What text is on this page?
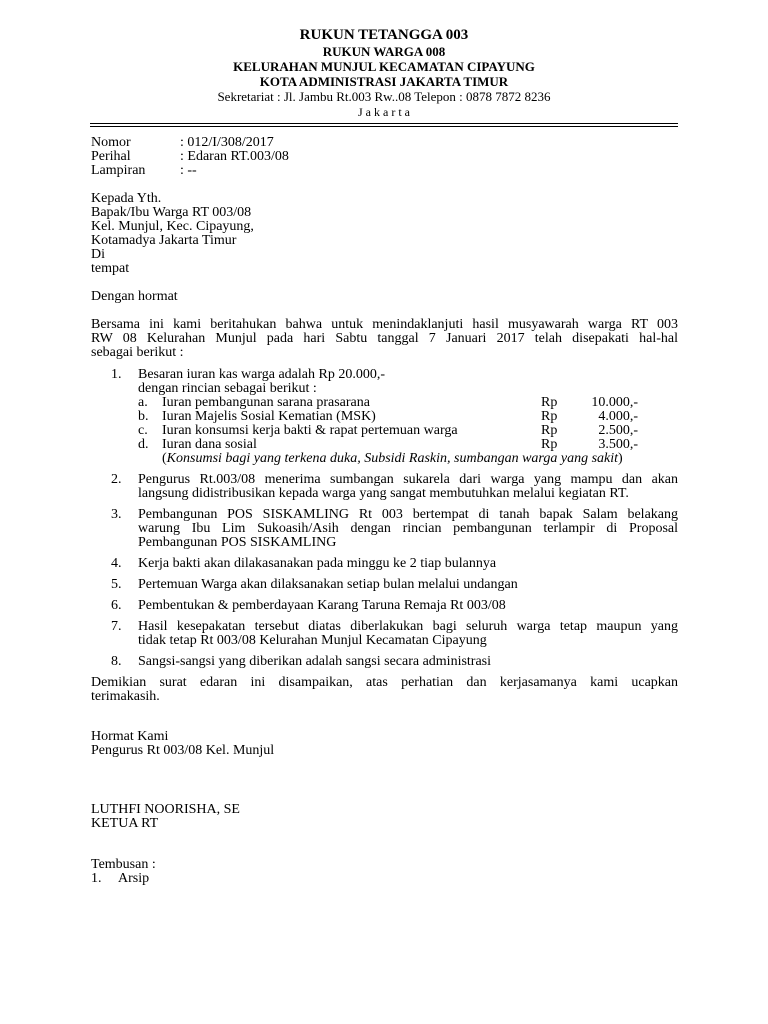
RUKUN TETANGGA 003
RUKUN WARGA 008
KELURAHAN MUNJUL KECAMATAN CIPAYUNG
KOTA ADMINISTRASI JAKARTA TIMUR
Sekretariat : Jl. Jambu Rt.003 Rw..08 Telepon : 0878 7872 8236
J a k a r t a
Nomor	: 012/I/308/2017
Perihal	: Edaran RT.003/08
Lampiran : --
Kepada Yth.
Bapak/Ibu Warga RT 003/08
Kel. Munjul, Kec. Cipayung,
Kotamadya Jakarta Timur
Di
tempat
Dengan hormat
Bersama ini kami beritahukan bahwa untuk menindaklanjuti hasil musyawarah warga RT 003
RW 08 Kelurahan Munjul pada hari Sabtu tanggal 7 Januari 2017 telah disepakati hal-hal
sebagai berikut :
1. Besaran iuran kas warga adalah Rp 20.000,-
dengan rincian sebagai berikut :
a. Iuran pembangunan sarana prasarana	Rp 10.000,-
b. Iuran Majelis Sosial Kematian (MSK)	Rp	4.000,-
c. Iuran konsumsi kerja bakti & rapat pertemuan warga	Rp	2.500,-
d. Iuran dana sosial	Rp	3.500,-
(Konsumsi bagi yang terkena duka, Subsidi Raskin, sumbangan warga yang sakit)
2. Pengurus Rt.003/08 menerima sumbangan sukarela dari warga yang mampu dan akan
langsung didistribusikan kepada warga yang sangat membutuhkan melalui kegiatan RT.
3. Pembangunan POS SISKAMLING Rt 003 bertempat di tanah bapak Salam belakang
warung Ibu Lim Sukoasih/Asih dengan rincian pembangunan terlampir di Proposal
Pembangunan POS SISKAMLING
4. Kerja bakti akan dilakasanakan pada minggu ke 2 tiap bulannya
5. Pertemuan Warga akan dilaksanakan setiap bulan melalui undangan
6. Pembentukan & pemberdayaan Karang Taruna Remaja Rt 003/08
7. Hasil kesepakatan tersebut diatas diberlakukan bagi seluruh warga tetap maupun yang
tidak tetap Rt 003/08 Kelurahan Munjul Kecamatan Cipayung
8. Sangsi-sangsi yang diberikan adalah sangsi secara administrasi
Demikian surat edaran ini disampaikan, atas perhatian dan kerjasamanya kami ucapkan
terimakasih.
Hormat Kami
Pengurus Rt 003/08 Kel. Munjul
LUTHFI NOORISHA, SE
KETUA RT
Tembusan :
1. Arsip
